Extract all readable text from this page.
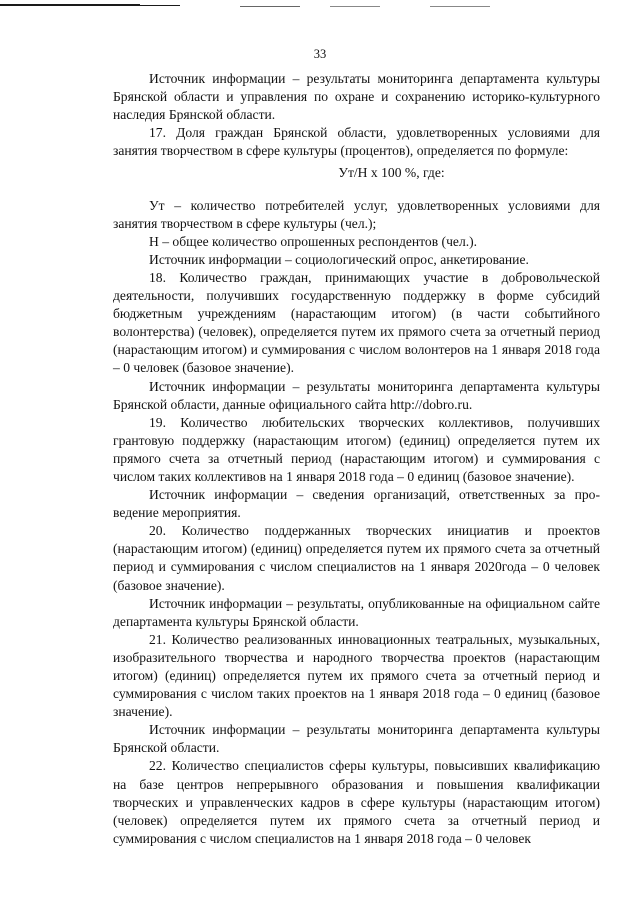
33

Источник информации – результаты мониторинга департамента культуры Брянской области и управления по охране и сохранению историко-культурного наследия Брянской области.

17. Доля граждан Брянской области, удовлетворенных условиями для занятия творчеством в сфере культуры (процентов), определяется по формуле:

Ут/Н х 100 %, где:

Ут – количество потребителей услуг, удовлетворенных условиями для занятия творчеством в сфере культуры (чел.);

Н – общее количество опрошенных респондентов (чел.).

Источник информации – социологический опрос, анкетирование.

18. Количество граждан, принимающих участие в добровольческой деятельности, получивших государственную поддержку в форме субсидий бюджетным учреждениям (нарастающим итогом) (в части событийного волонтерства) (человек), определяется путем их прямого счета за отчетный период (нарастающим итогом) и суммирования с числом волонтеров на 1 января 2018 года – 0 человек (базовое значение).

Источник информации – результаты мониторинга департамента культуры Брянской области, данные официального сайта http://dobro.ru.

19. Количество любительских творческих коллективов, получивших грантовую поддержку (нарастающим итогом) (единиц) определяется путем их прямого счета за отчетный период (нарастающим итогом) и суммирования с числом таких коллективов на 1 января 2018 года – 0 единиц (базовое значение).

Источник информации – сведения организаций, ответственных за проведение мероприятия.

20. Количество поддержанных творческих инициатив и проектов (нарастающим итогом) (единиц) определяется путем их прямого счета за отчетный период и суммирования с числом специалистов на 1 января 2020года – 0 человек (базовое значение).

Источник информации – результаты, опубликованные на официальном сайте департамента культуры Брянской области.

21. Количество реализованных инновационных театральных, музыкальных, изобразительного творчества и народного творчества проектов (нарастающим итогом) (единиц) определяется путем их прямого счета за отчетный период и суммирования с числом таких проектов на 1 января 2018 года – 0 единиц (базовое значение).

Источник информации – результаты мониторинга департамента культуры Брянской области.

22. Количество специалистов сферы культуры, повысивших квалификацию на базе центров непрерывного образования и повышения квалификации творческих и управленческих кадров в сфере культуры (нарастающим итогом) (человек) определяется путем их прямого счета за отчетный период и суммирования с числом специалистов на 1 января 2018 года – 0 человек
